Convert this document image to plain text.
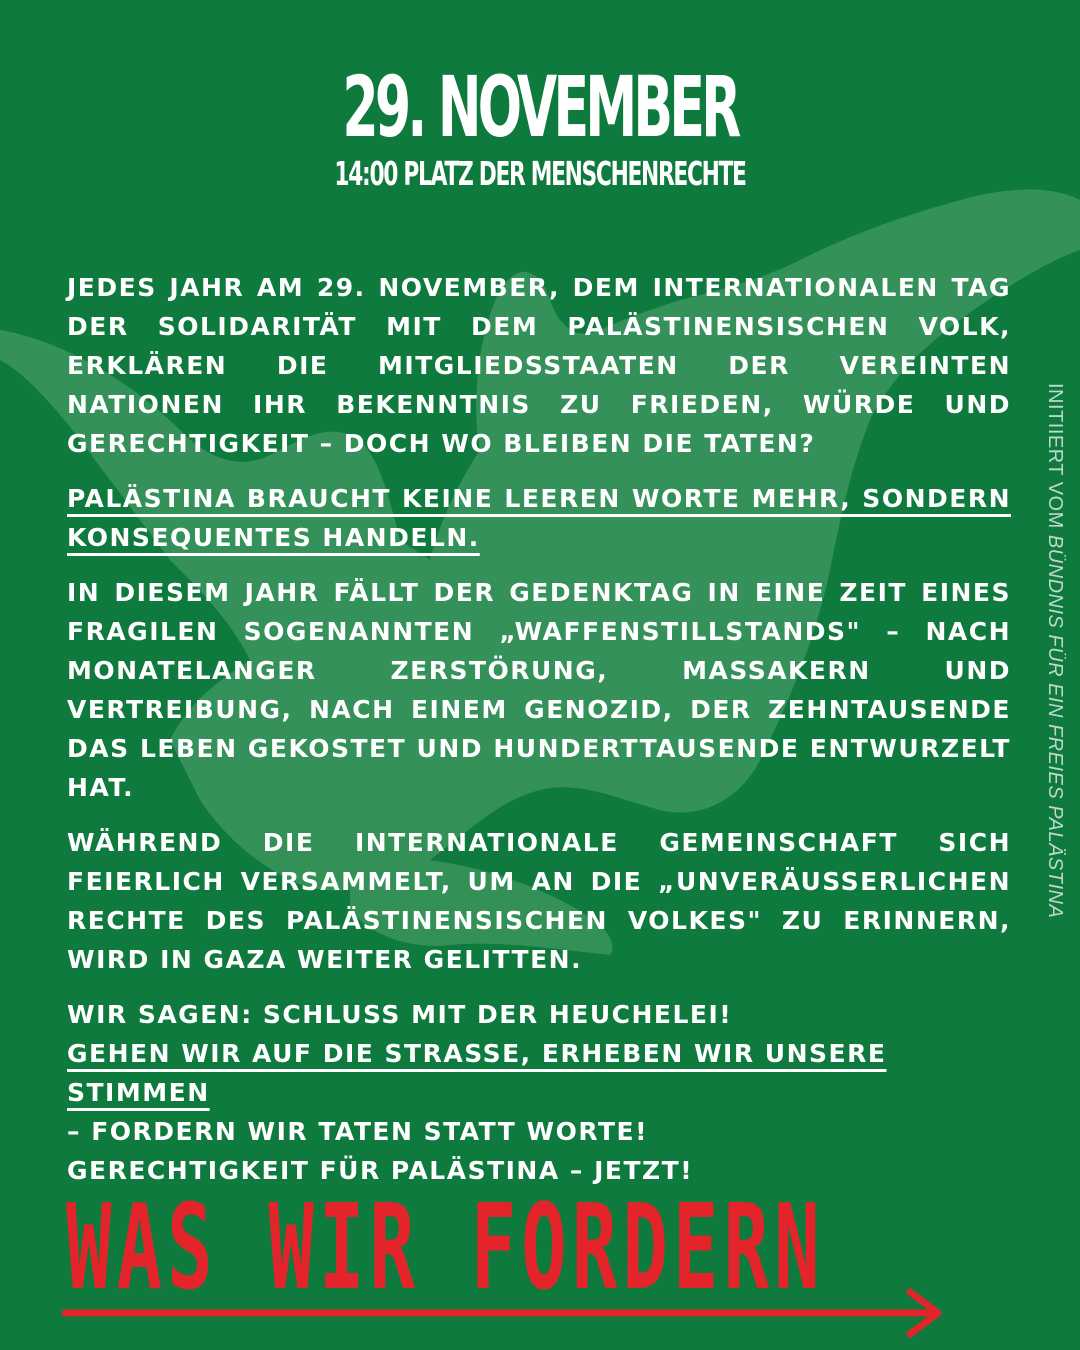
29. NOVEMBER
14:00 PLATZ DER MENSCHENRECHTE

JEDES JAHR AM 29. NOVEMBER, DEM INTERNATIONALEN TAG DER SOLIDARITÄT MIT DEM PALÄSTINENSISCHEN VOLK, ERKLÄREN DIE MITGLIEDSSTAATEN DER VEREINTEN NATIONEN IHR BEKENNTNIS ZU FRIEDEN, WÜRDE UND GERECHTIGKEIT – DOCH WO BLEIBEN DIE TATEN?

PALÄSTINA BRAUCHT KEINE LEEREN WORTE MEHR, SONDERN KONSEQUENTES HANDELN.

IN DIESEM JAHR FÄLLT DER GEDENKTAG IN EINE ZEIT EINES FRAGILEN SOGENANNTEN „WAFFENSTILLSTANDS" – NACH MONATELANGER ZERSTÖRUNG, MASSAKERN UND VERTREIBUNG, NACH EINEM GENOZID, DER ZEHNTAUSENDE DAS LEBEN GEKOSTET UND HUNDERTTAUSENDE ENTWURZELT HAT.

WÄHREND DIE INTERNATIONALE GEMEINSCHAFT SICH FEIERLICH VERSAMMELT, UM AN DIE „UNVERÄUSSERLICHEN RECHTE DES PALÄSTINENSISCHEN VOLKES" ZU ERINNERN, WIRD IN GAZA WEITER GELITTEN.

WIR SAGEN: SCHLUSS MIT DER HEUCHELEI!
GEHEN WIR AUF DIE STRASSE, ERHEBEN WIR UNSERE STIMMEN
– FORDERN WIR TATEN STATT WORTE!
GERECHTIGKEIT FÜR PALÄSTINA – JETZT!

INITIIERT VOM BÜNDNIS FÜR EIN FREIES PALÄSTINA
WAS WIR FORDERN
